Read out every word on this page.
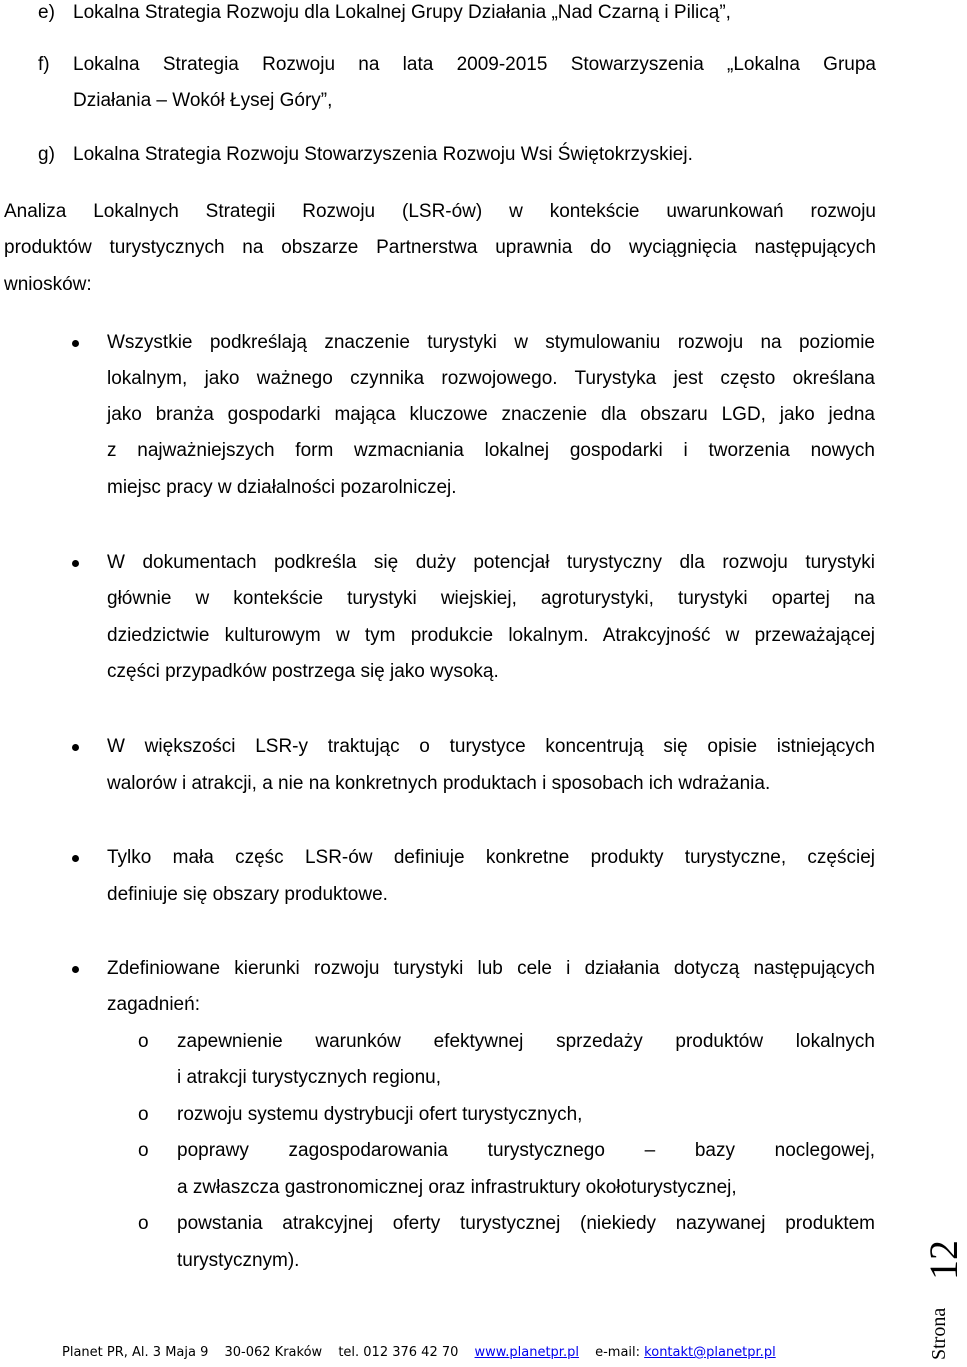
e) Lokalna Strategia Rozwoju dla Lokalnej Grupy Działania „Nad Czarną i Pilicą”,
f) Lokalna Strategia Rozwoju na lata 2009-2015 Stowarzyszenia „Lokalna Grupa
Działania – Wokół Łysej Góry”,
g) Lokalna Strategia Rozwoju Stowarzyszenia Rozwoju Wsi Świętokrzyskiej.
Analiza Lokalnych Strategii Rozwoju (LSR-ów) w kontekście uwarunkowań rozwoju
produktów turystycznych na obszarze Partnerstwa uprawnia do wyciągnięcia następujących
wniosków:
Wszystkie podkreślają znaczenie turystyki w stymulowaniu rozwoju na poziomie
lokalnym, jako ważnego czynnika rozwojowego. Turystyka jest często określana
jako branża gospodarki mająca kluczowe znaczenie dla obszaru LGD, jako jedna
z najważniejszych form wzmacniania lokalnej gospodarki i tworzenia nowych
miejsc pracy w działalności pozarolniczej.
W dokumentach podkreśla się duży potencjał turystyczny dla rozwoju turystyki
głównie w kontekście turystyki wiejskiej, agroturystyki, turystyki opartej na
dziedzictwie kulturowym w tym produkcie lokalnym. Atrakcyjność w przeważającej
części przypadków postrzega się jako wysoką.
W większości LSR-y traktując o turystyce koncentrują się opisie istniejących
walorów i atrakcji, a nie na konkretnych produktach i sposobach ich wdrażania.
Tylko mała częśc LSR-ów definiuje konkretne produkty turystyczne, częściej
definiuje się obszary produktowe.
Zdefiniowane kierunki rozwoju turystyki lub cele i działania dotyczą następujących
zagadnień:
o zapewnienie warunków efektywnej sprzedaży produktów lokalnych
i atrakcji turystycznych regionu,
o rozwoju systemu dystrybucji ofert turystycznych,
o poprawy zagospodarowania turystycznego – bazy noclegowej,
a zwłaszcza gastronomicznej oraz infrastruktury okołoturystycznej,
o powstania atrakcyjnej oferty turystycznej (niekiedy nazywanej produktem
turystycznym).
Planet PR, Al. 3 Maja 9 30-062 Kraków tel. 012 376 42 70 www.planetpr.pl e-mail: kontakt@planetpr.pl	Strona
12
